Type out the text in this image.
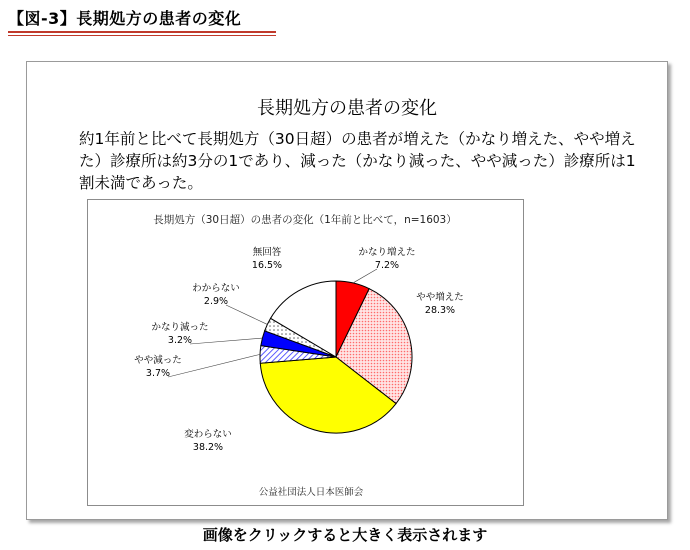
【図-3】長期処方の患者の変化
長期処方の患者の変化

約1年前と比べて長期処方（30日超）の患者が増えた（かなり増えた、やや増えた）診療所は約3分の1であり、減った（かなり減った、やや減った）診療所は1割未満であった。

長期処方（30日超）の患者の変化（1年前と比べて，n=1603）
かなり増えた
7.2%
やや増えた
28.3%
変わらない
38.2%
やや減った
3.7%
かなり減った
3.2%
わからない
2.9%
無回答
16.5%
公益社団法人日本医師会
画像をクリックすると大きく表示されます
